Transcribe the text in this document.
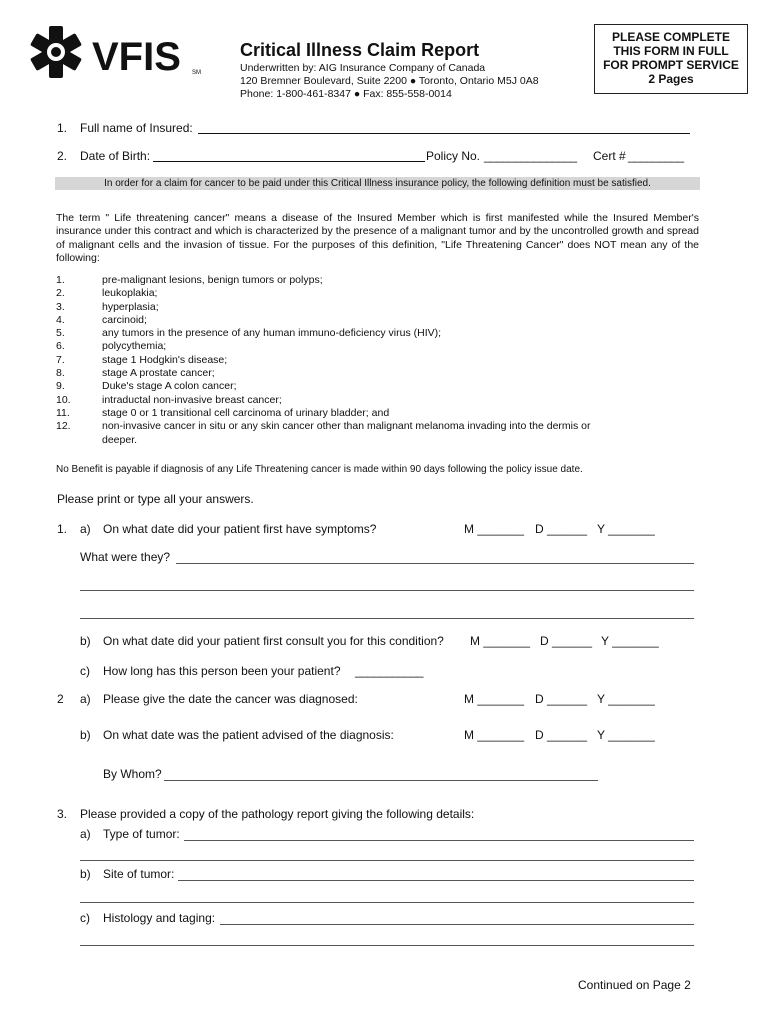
VFIS SM
Critical Illness Claim Report
Underwritten by: AIG Insurance Company of Canada
120 Bremner Boulevard, Suite 2200 ● Toronto, Ontario M5J 0A8
Phone: 1-800-461-8347 ● Fax: 855-558-0014
PLEASE COMPLETE
THIS FORM IN FULL
FOR PROMPT SERVICE
2 Pages
1. Full name of Insured:
2. Date of Birth:	Policy No. _______________ Cert # _________
In order for a claim for cancer to be paid under this Critical Illness insurance policy, the following definition must be satisfied.
The term " Life threatening cancer" means a disease of the Insured Member which is first manifested while the Insured Member's insurance under this contract and which is characterized by the presence of a malignant tumor and by the uncontrolled growth and spread of malignant cells and the invasion of tissue. For the purposes of this definition, "Life Threatening Cancer" does NOT mean any of the following:
1.	pre-malignant lesions, benign tumors or polyps;
2.	leukoplakia;
3.	hyperplasia;
4.	carcinoid;
5.	any tumors in the presence of any human immuno-deficiency virus (HIV);
6.	polycythemia;
7.	stage 1 Hodgkin's disease;
8.	stage A prostate cancer;
9.	Duke's stage A colon cancer;
10.	intraductal non-invasive breast cancer;
11.	stage 0 or 1 transitional cell carcinoma of urinary bladder; and
12.	non-invasive cancer in situ or any skin cancer other than malignant melanoma invading into the dermis or deeper.
No Benefit is payable if diagnosis of any Life Threatening cancer is made within 90 days following the policy issue date.
Please print or type all your answers.
1. a) On what date did your patient first have symptoms?	M _______ D ______ Y _______
What were they?
b) On what date did your patient first consult you for this condition? M _______ D ______ Y _______
c) How long has this person been your patient? ___________
2 a) Please give the date the cancer was diagnosed:	M _______ D ______ Y _______
b) On what date was the patient advised of the diagnosis:	M _______ D ______ Y _______
By Whom?
3. Please provided a copy of the pathology report giving the following details:
a) Type of tumor:
b) Site of tumor:
c) Histology and taging:
Continued on Page 2
